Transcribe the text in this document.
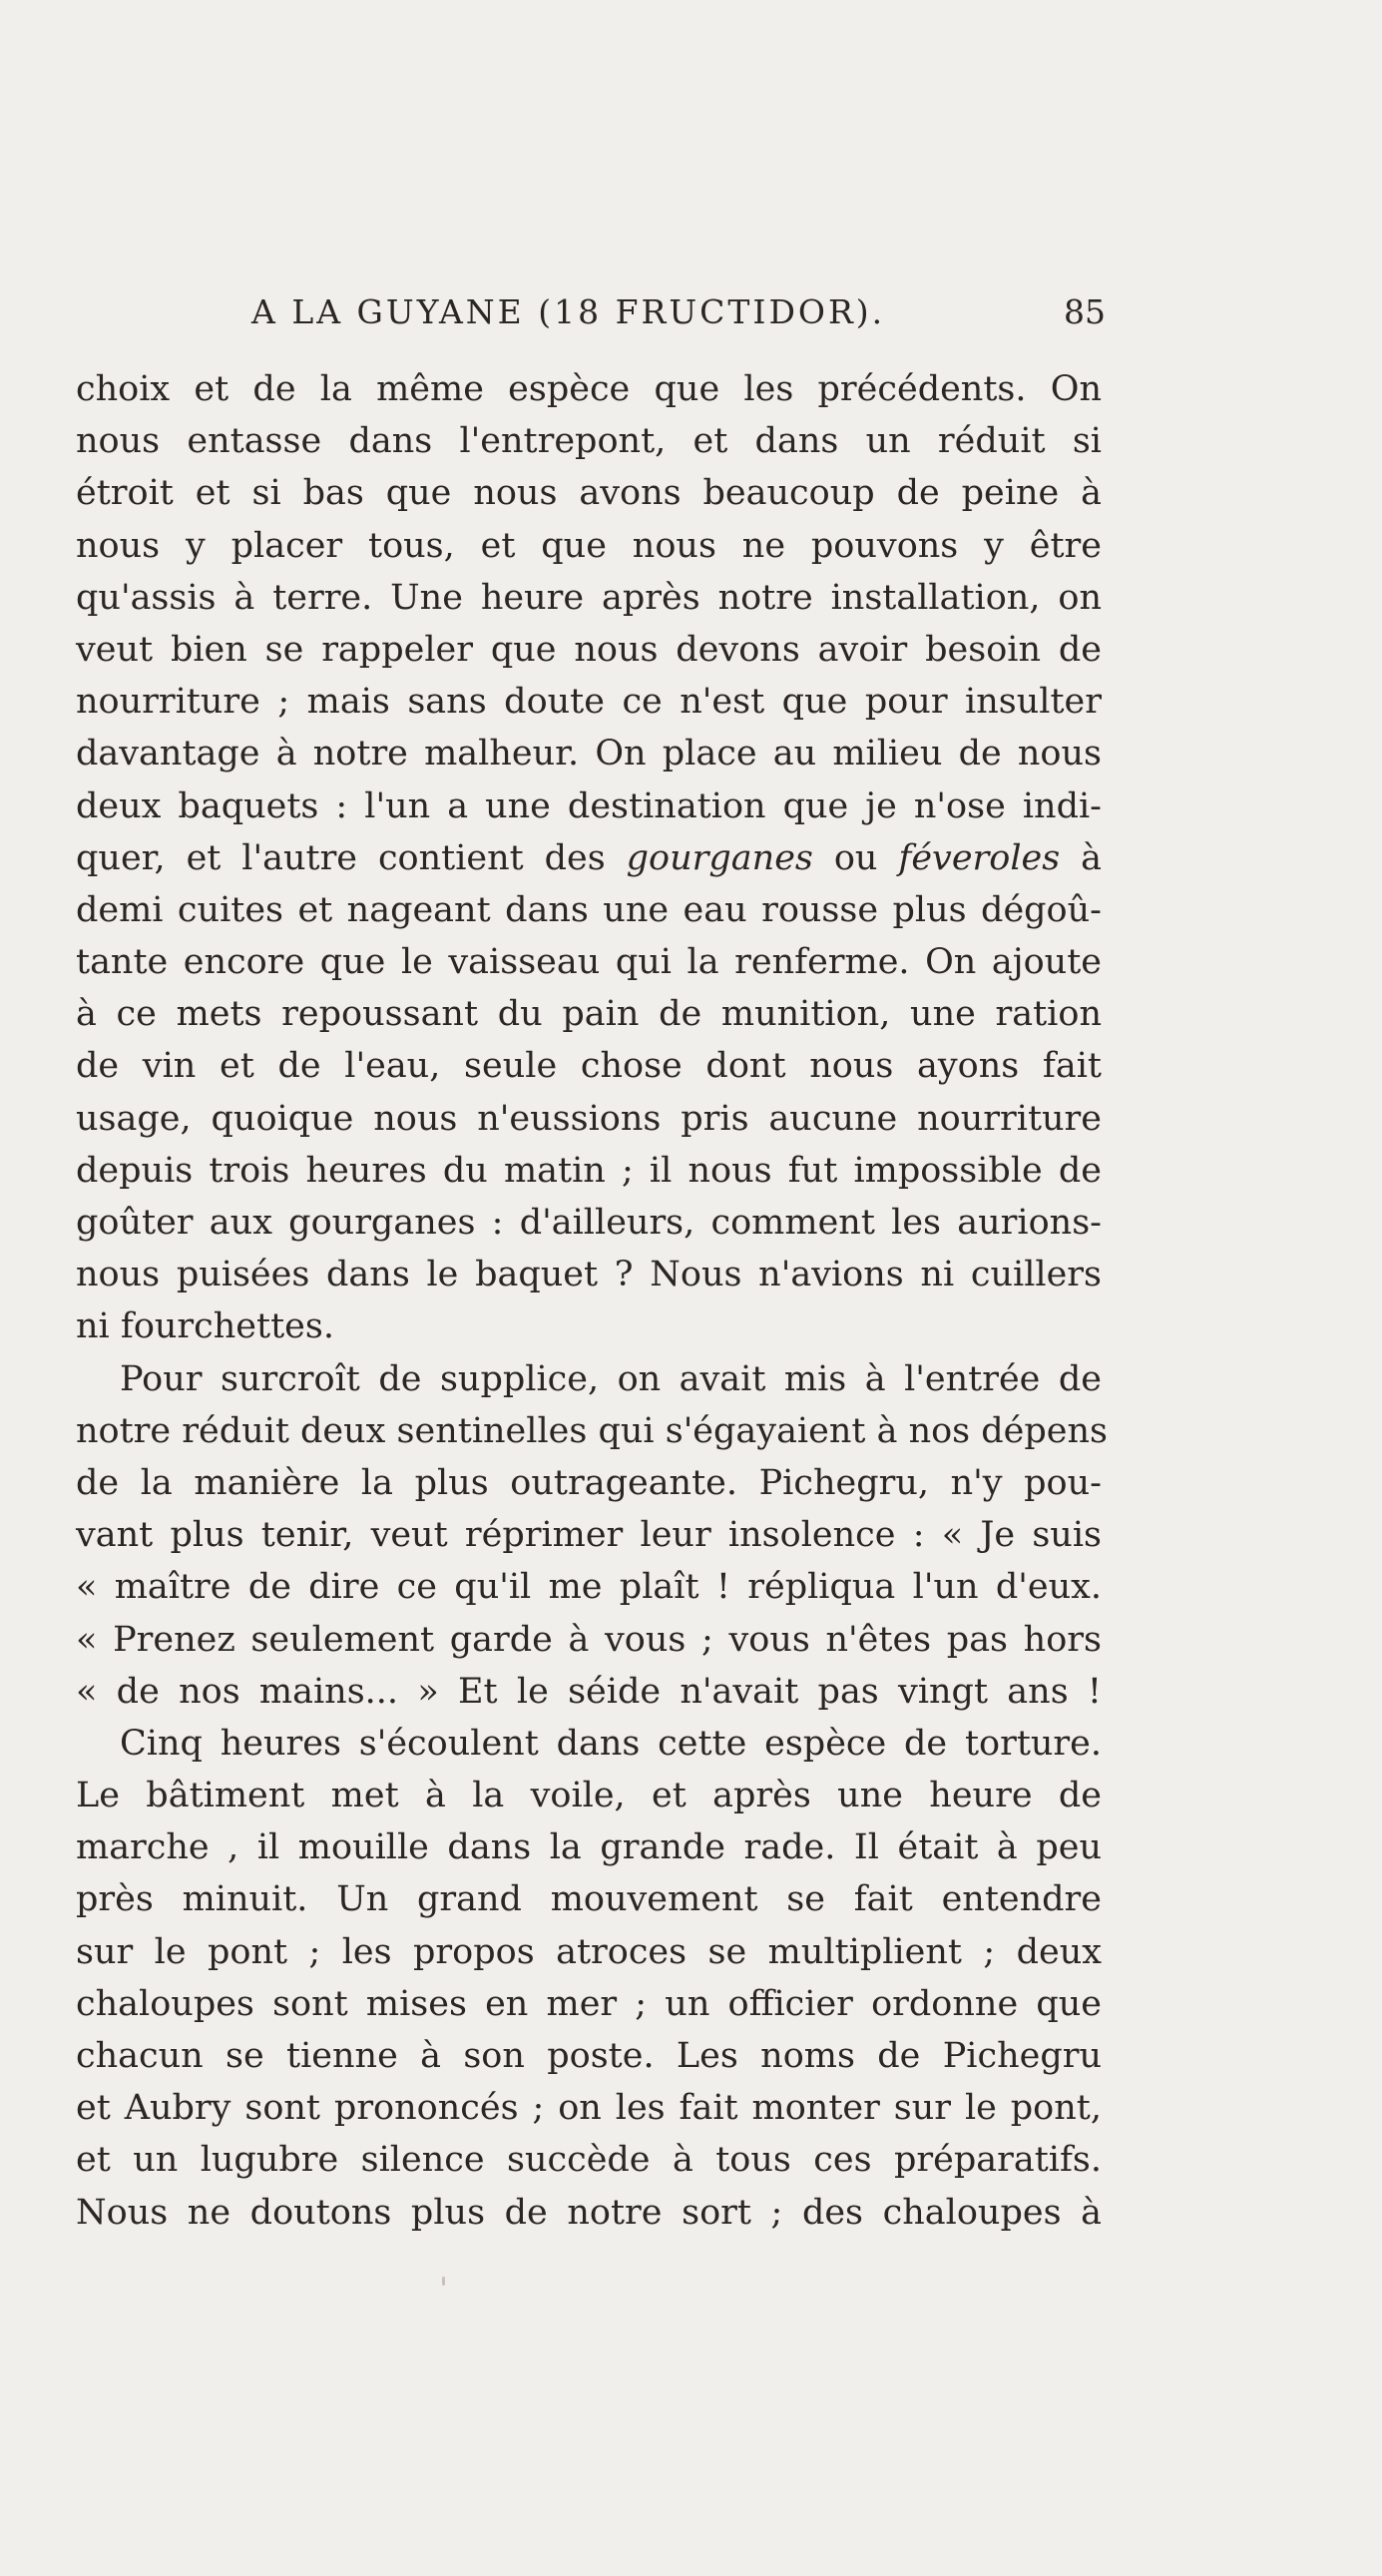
A LA GUYANE (18 FRUCTIDOR).	85
choix et de la même espèce que les précédents. On
nous entasse dans l'entrepont, et dans un réduit si
étroit et si bas que nous avons beaucoup de peine à
nous y placer tous, et que nous ne pouvons y être
qu'assis à terre. Une heure après notre installation, on
veut bien se rappeler que nous devons avoir besoin de
nourriture ; mais sans doute ce n'est que pour insulter
davantage à notre malheur. On place au milieu de nous
deux baquets : l'un a une destination que je n'ose indi-
quer, et l'autre contient des gourganes ou féveroles à
demi cuites et nageant dans une eau rousse plus dégoû-
tante encore que le vaisseau qui la renferme. On ajoute
à ce mets repoussant du pain de munition, une ration
de vin et de l'eau, seule chose dont nous ayons fait
usage, quoique nous n'eussions pris aucune nourriture
depuis trois heures du matin ; il nous fut impossible de
goûter aux gourganes : d'ailleurs, comment les aurions-
nous puisées dans le baquet ? Nous n'avions ni cuillers
ni fourchettes.
Pour surcroît de supplice, on avait mis à l'entrée de
notre réduit deux sentinelles qui s'égayaient à nos dépens
de la manière la plus outrageante. Pichegru, n'y pou-
vant plus tenir, veut réprimer leur insolence : « Je suis
« maître de dire ce qu'il me plaît ! répliqua l'un d'eux.
« Prenez seulement garde à vous ; vous n'êtes pas hors
« de nos mains... » Et le séide n'avait pas vingt ans !
Cinq heures s'écoulent dans cette espèce de torture.
Le bâtiment met à la voile, et après une heure de
marche , il mouille dans la grande rade. Il était à peu
près minuit. Un grand mouvement se fait entendre
sur le pont ; les propos atroces se multiplient ; deux
chaloupes sont mises en mer ; un officier ordonne que
chacun se tienne à son poste. Les noms de Pichegru
et Aubry sont prononcés ; on les fait monter sur le pont,
et un lugubre silence succède à tous ces préparatifs.
Nous ne doutons plus de notre sort ; des chaloupes à
